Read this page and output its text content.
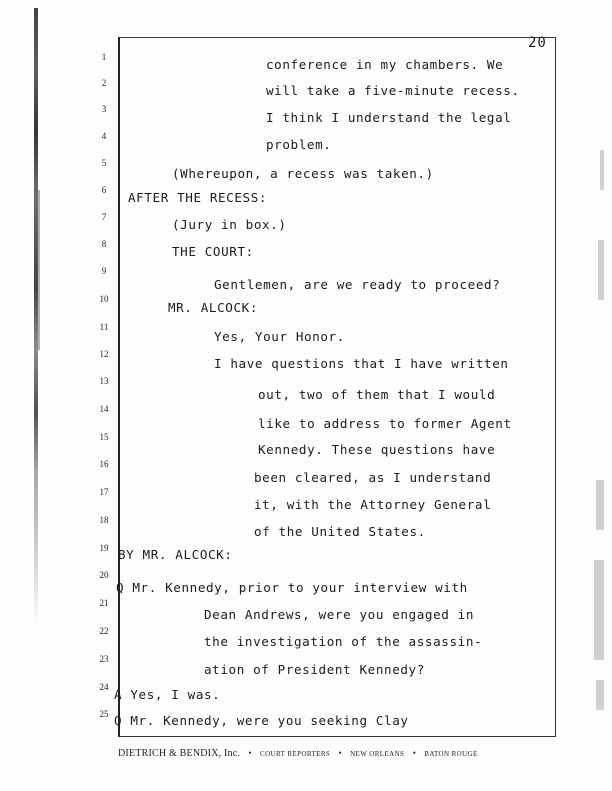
20
1	conference in my chambers. We
2	will take a five-minute recess.
3
I think I understand the legal
4
problem.
5
(Whereupon, a recess was taken.)
6	AFTER THE RECESS:
7	(Jury in box.)
8	THE COURT:
9
Gentlemen, are we ready to proceed?
10
MR. ALCOCK:
11
Yes, Your Honor.
12
I have questions that I have written
13
out, two of them that I would
14
like to address to former Agent
15
Kennedy. These questions have
16
been cleared, as I understand
17
it, with the Attorney General
18
of the United States.
19 BY MR. ALCOCK:
20
Q Mr. Kennedy, prior to your interview with
21
Dean Andrews, were you engaged in
22
the investigation of the assassin-
23
ation of President Kennedy?
24 A Yes, I was.
25 Q Mr. Kennedy, were you seeking Clay
DIETRICH & BENDIX, Inc. • COURT REPORTERS • NEW ORLEANS • BATON ROUGE
